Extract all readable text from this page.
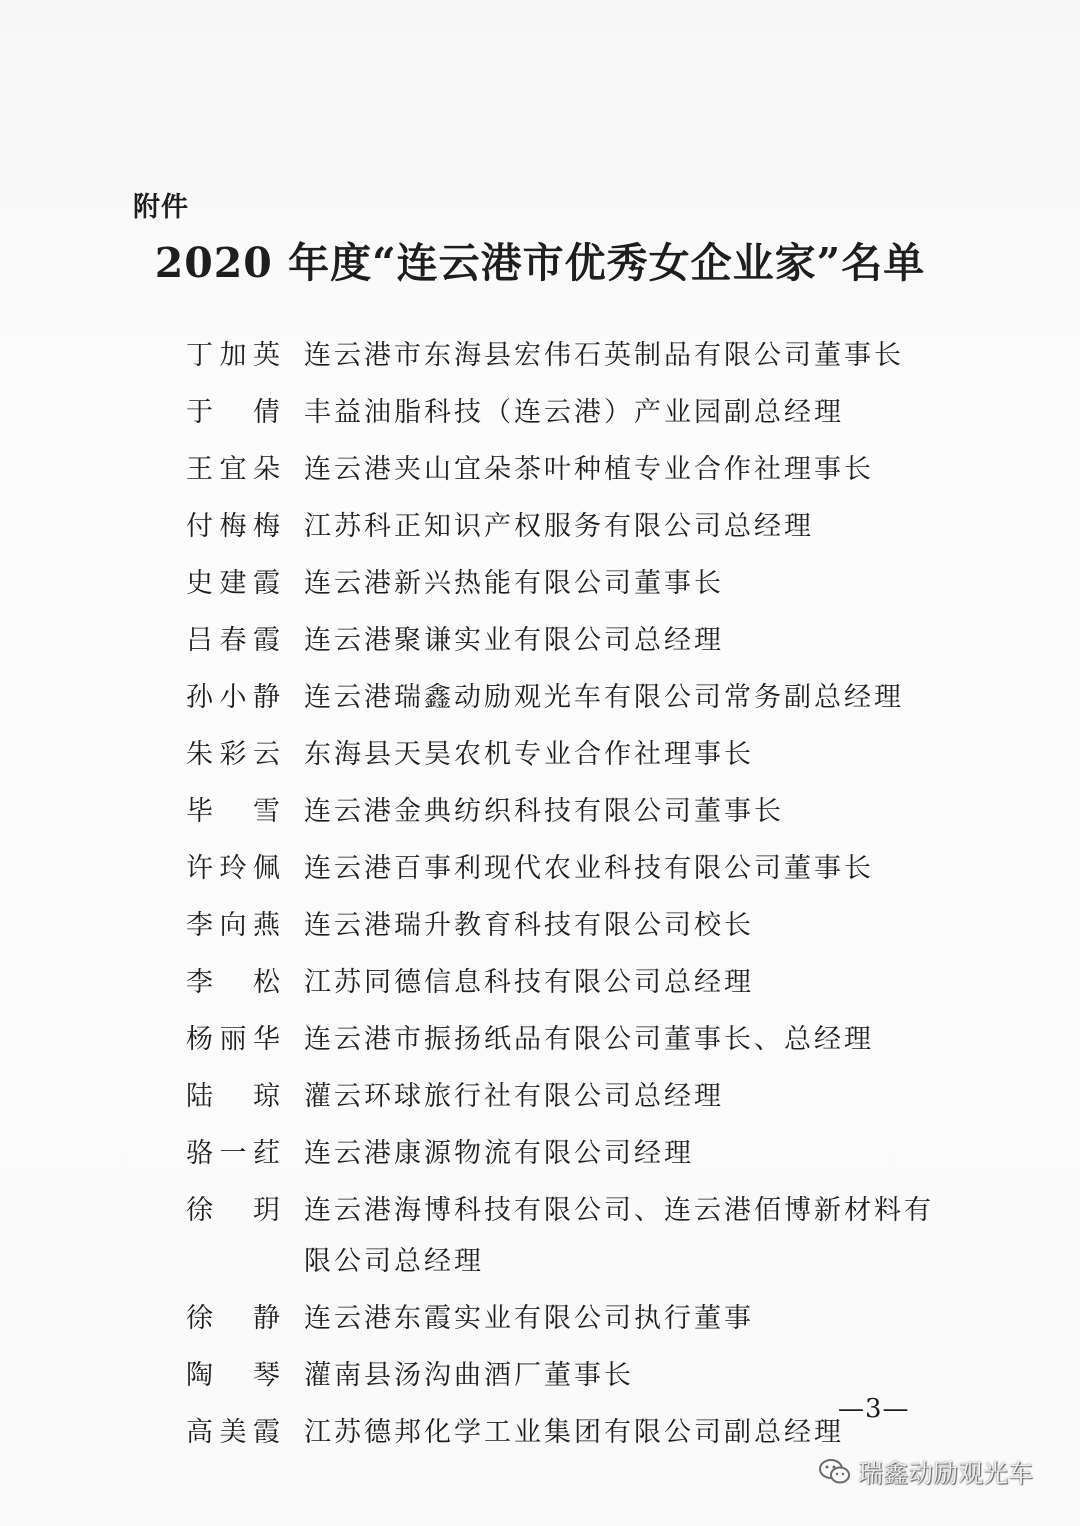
附件
2020 年度“连云港市优秀女企业家”名单
丁 加 英 连云港市东海县宏伟石英制品有限公司董事长
于 倩 丰益油脂科技（连云港）产业园副总经理
王 宜 朵 连云港夹山宜朵茶叶种植专业合作社理事长
付 梅 梅 江苏科正知识产权服务有限公司总经理
史 建 霞 连云港新兴热能有限公司董事长
吕 春 霞 连云港聚谦实业有限公司总经理
孙 小 静 连云港瑞鑫动励观光车有限公司常务副总经理
朱 彩 云 东海县天昊农机专业合作社理事长
毕 雪 连云港金典纺织科技有限公司董事长
许 玲 佩 连云港百事利现代农业科技有限公司董事长
李 向 燕 连云港瑞升教育科技有限公司校长
李 松 江苏同德信息科技有限公司总经理
杨 丽 华 连云港市振扬纸品有限公司董事长、总经理
陆 琼 灌云环球旅行社有限公司总经理
骆 一 荭 连云港康源物流有限公司经理
徐 玥 连云港海博科技有限公司、连云港佰博新材料有限公司总经理
徐 静 连云港东霞实业有限公司执行董事
陶 琴 灌南县汤沟曲酒厂董事长
高 美 霞 江苏德邦化学工业集团有限公司副总经理
—3—
瑞鑫动励观光车
